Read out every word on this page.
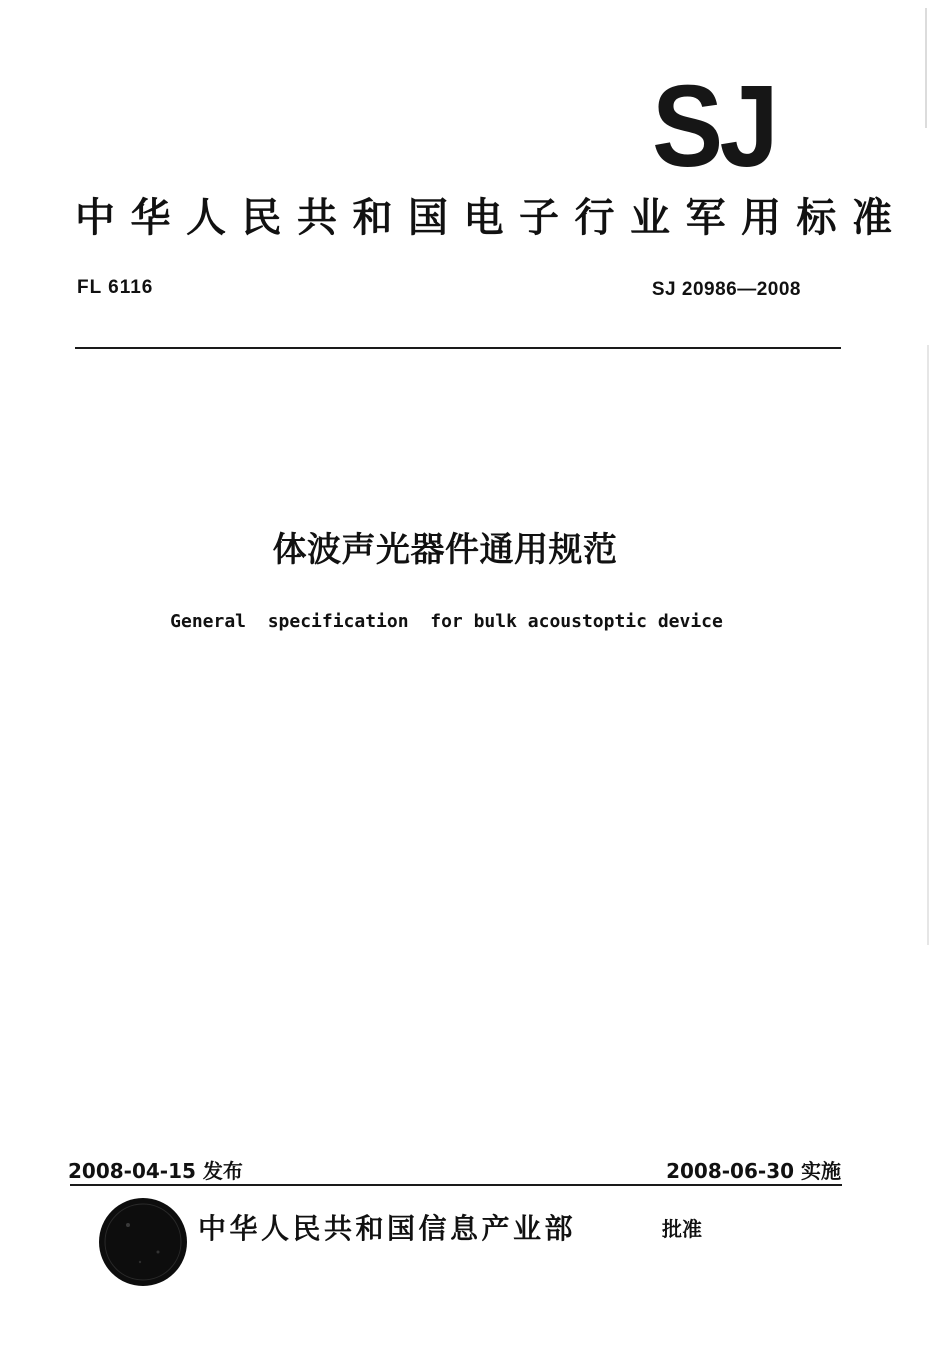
SJ
中华人民共和国电子行业军用标准
FL 6116	SJ 20986—2008
体波声光器件通用规范
General  specification  for bulk acoustoptic device
2008-04-15 发布	2008-06-30 实施
中华人民共和国信息产业部	批准
